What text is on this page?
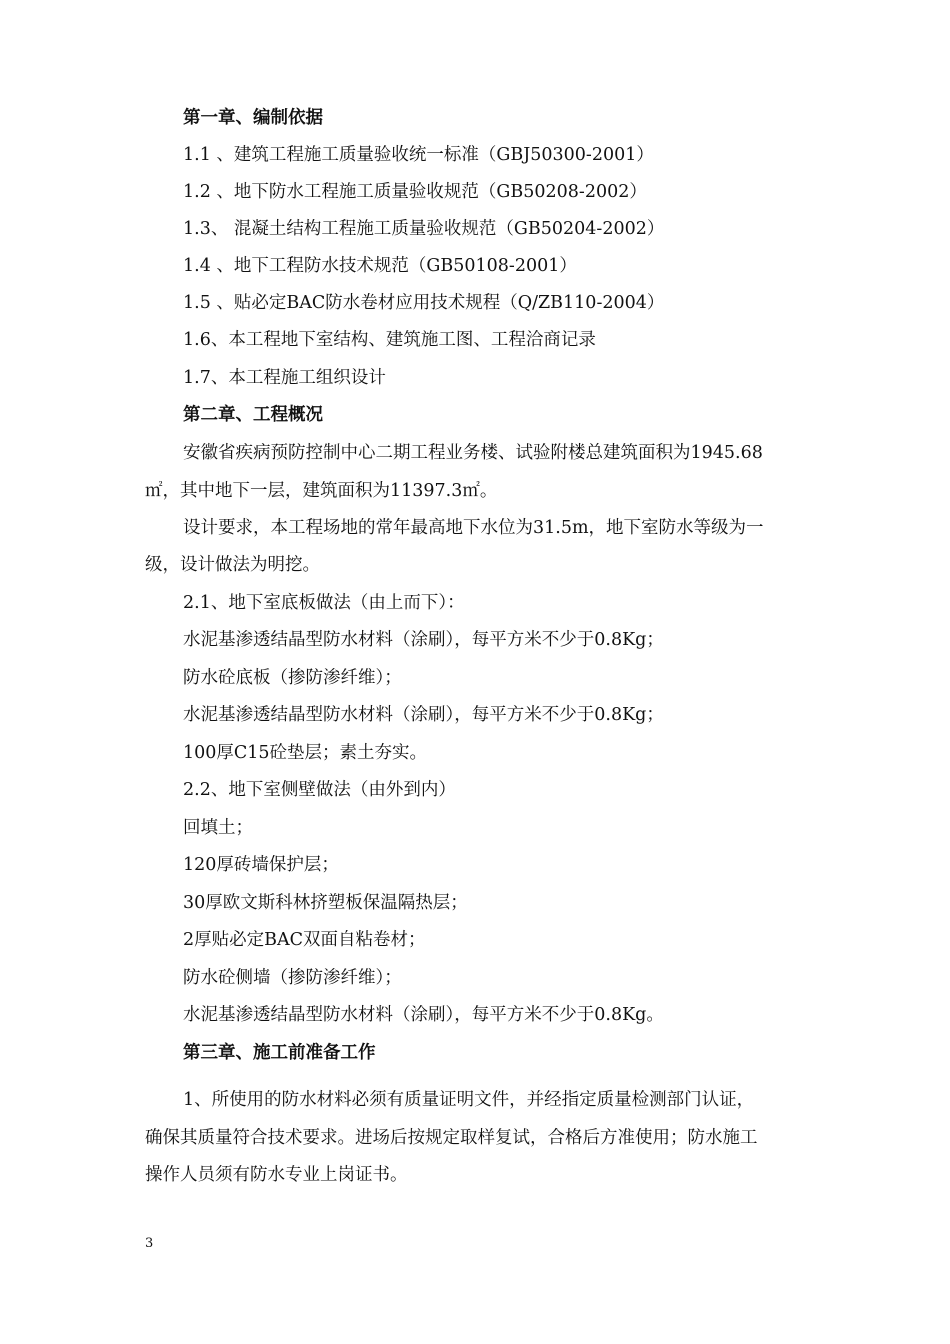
第一章、编制依据

1.1 、建筑工程施工质量验收统一标准（GBJ50300-2001）

1.2 、地下防水工程施工质量验收规范（GB50208-2002）

1.3、 混凝土结构工程施工质量验收规范（GB50204-2002）

1.4 、地下工程防水技术规范（GB50108-2001）

1.5 、贴必定BAC防水卷材应用技术规程（Q/ZB110-2004）

1.6、本工程地下室结构、建筑施工图、工程洽商记录

1.7、本工程施工组织设计

第二章、工程概况

安徽省疾病预防控制中心二期工程业务楼、试验附楼总建筑面积为1945.68

㎡，其中地下一层，建筑面积为11397.3㎡。

设计要求，本工程场地的常年最高地下水位为31.5m，地下室防水等级为一

级，设计做法为明挖。

2.1、地下室底板做法（由上而下）：

水泥基渗透结晶型防水材料（涂刷），每平方米不少于0.8Kg；

防水砼底板（掺防渗纤维）；

水泥基渗透结晶型防水材料（涂刷），每平方米不少于0.8Kg；

100厚C15砼垫层；素土夯实。

2.2、地下室侧壁做法（由外到内）

回填土；

120厚砖墙保护层；

30厚欧文斯科林挤塑板保温隔热层；

2厚贴必定BAC双面自粘卷材；

防水砼侧墙（掺防渗纤维）；

水泥基渗透结晶型防水材料（涂刷），每平方米不少于0.8Kg。

第三章、施工前准备工作

1、所使用的防水材料必须有质量证明文件，并经指定质量检测部门认证，

确保其质量符合技术要求。进场后按规定取样复试，合格后方准使用；防水施工

操作人员须有防水专业上岗证书。

3
